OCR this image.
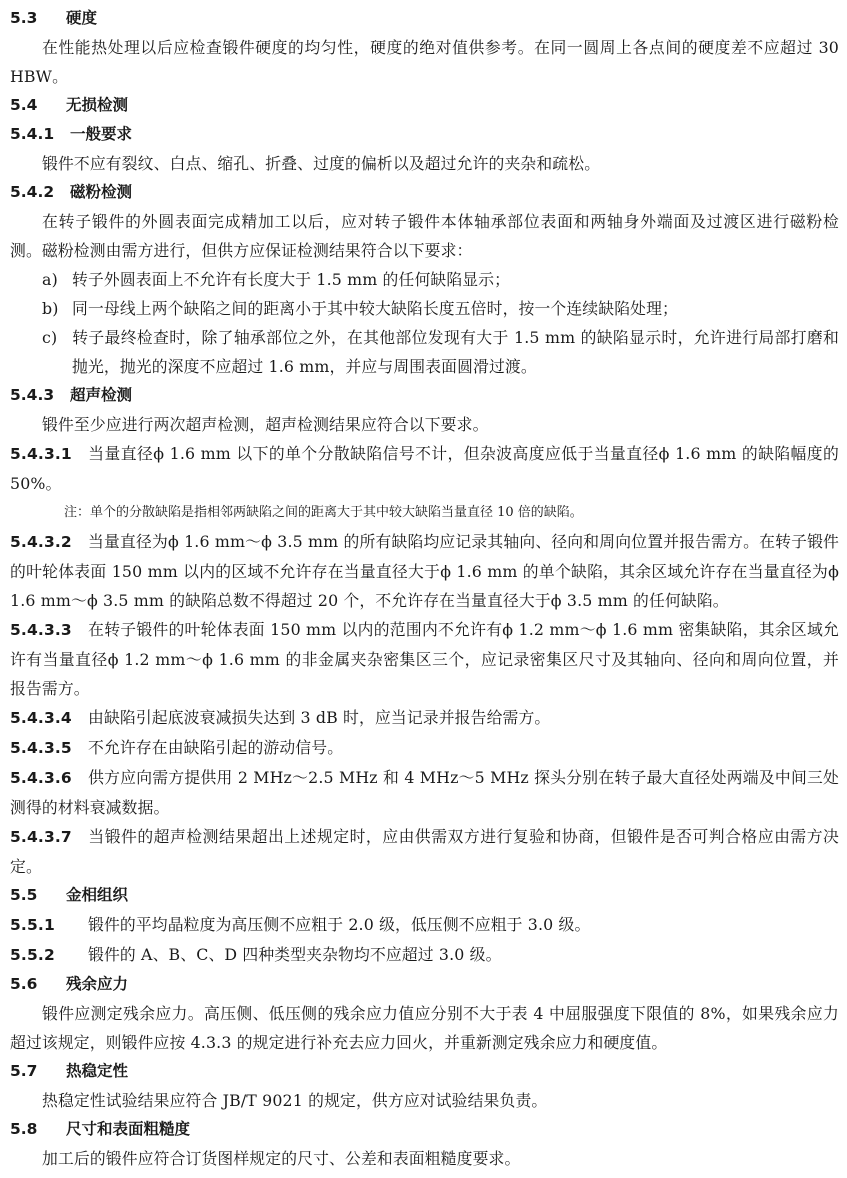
5.3 硬度
在性能热处理以后应检查锻件硬度的均匀性，硬度的绝对值供参考。在同一圆周上各点间的硬度差不应超过 30 HBW。
5.4 无损检测
5.4.1 一般要求
锻件不应有裂纹、白点、缩孔、折叠、过度的偏析以及超过允许的夹杂和疏松。
5.4.2 磁粉检测
在转子锻件的外圆表面完成精加工以后，应对转子锻件本体轴承部位表面和两轴身外端面及过渡区进行磁粉检测。磁粉检测由需方进行，但供方应保证检测结果符合以下要求：
a) 转子外圆表面上不允许有长度大于 1.5 mm 的任何缺陷显示；
b) 同一母线上两个缺陷之间的距离小于其中较大缺陷长度五倍时，按一个连续缺陷处理；
c) 转子最终检查时，除了轴承部位之外，在其他部位发现有大于 1.5 mm 的缺陷显示时，允许进行局部打磨和抛光，抛光的深度不应超过 1.6 mm，并应与周围表面圆滑过渡。
5.4.3 超声检测
锻件至少应进行两次超声检测，超声检测结果应符合以下要求。
5.4.3.1 当量直径ϕ 1.6 mm 以下的单个分散缺陷信号不计，但杂波高度应低于当量直径ϕ 1.6 mm 的缺陷幅度的 50%。
注：单个的分散缺陷是指相邻两缺陷之间的距离大于其中较大缺陷当量直径 10 倍的缺陷。
5.4.3.2 当量直径为ϕ 1.6 mm～ϕ 3.5 mm 的所有缺陷均应记录其轴向、径向和周向位置并报告需方。在转子锻件的叶轮体表面 150 mm 以内的区域不允许存在当量直径大于ϕ 1.6 mm 的单个缺陷，其余区域允许存在当量直径为ϕ 1.6 mm～ϕ 3.5 mm 的缺陷总数不得超过 20 个，不允许存在当量直径大于ϕ 3.5 mm 的任何缺陷。
5.4.3.3 在转子锻件的叶轮体表面 150 mm 以内的范围内不允许有ϕ 1.2 mm～ϕ 1.6 mm 密集缺陷，其余区域允许有当量直径ϕ 1.2 mm～ϕ 1.6 mm 的非金属夹杂密集区三个，应记录密集区尺寸及其轴向、径向和周向位置，并报告需方。
5.4.3.4 由缺陷引起底波衰减损失达到 3 dB 时，应当记录并报告给需方。
5.4.3.5 不允许存在由缺陷引起的游动信号。
5.4.3.6 供方应向需方提供用 2 MHz～2.5 MHz 和 4 MHz～5 MHz 探头分别在转子最大直径处两端及中间三处测得的材料衰减数据。
5.4.3.7 当锻件的超声检测结果超出上述规定时，应由供需双方进行复验和协商，但锻件是否可判合格应由需方决定。
5.5 金相组织
5.5.1 锻件的平均晶粒度为高压侧不应粗于 2.0 级，低压侧不应粗于 3.0 级。
5.5.2 锻件的 A、B、C、D 四种类型夹杂物均不应超过 3.0 级。
5.6 残余应力
锻件应测定残余应力。高压侧、低压侧的残余应力值应分别不大于表 4 中屈服强度下限值的 8%，如果残余应力超过该规定，则锻件应按 4.3.3 的规定进行补充去应力回火，并重新测定残余应力和硬度值。
5.7 热稳定性
热稳定性试验结果应符合 JB/T 9021 的规定，供方应对试验结果负责。
5.8 尺寸和表面粗糙度
加工后的锻件应符合订货图样规定的尺寸、公差和表面粗糙度要求。
